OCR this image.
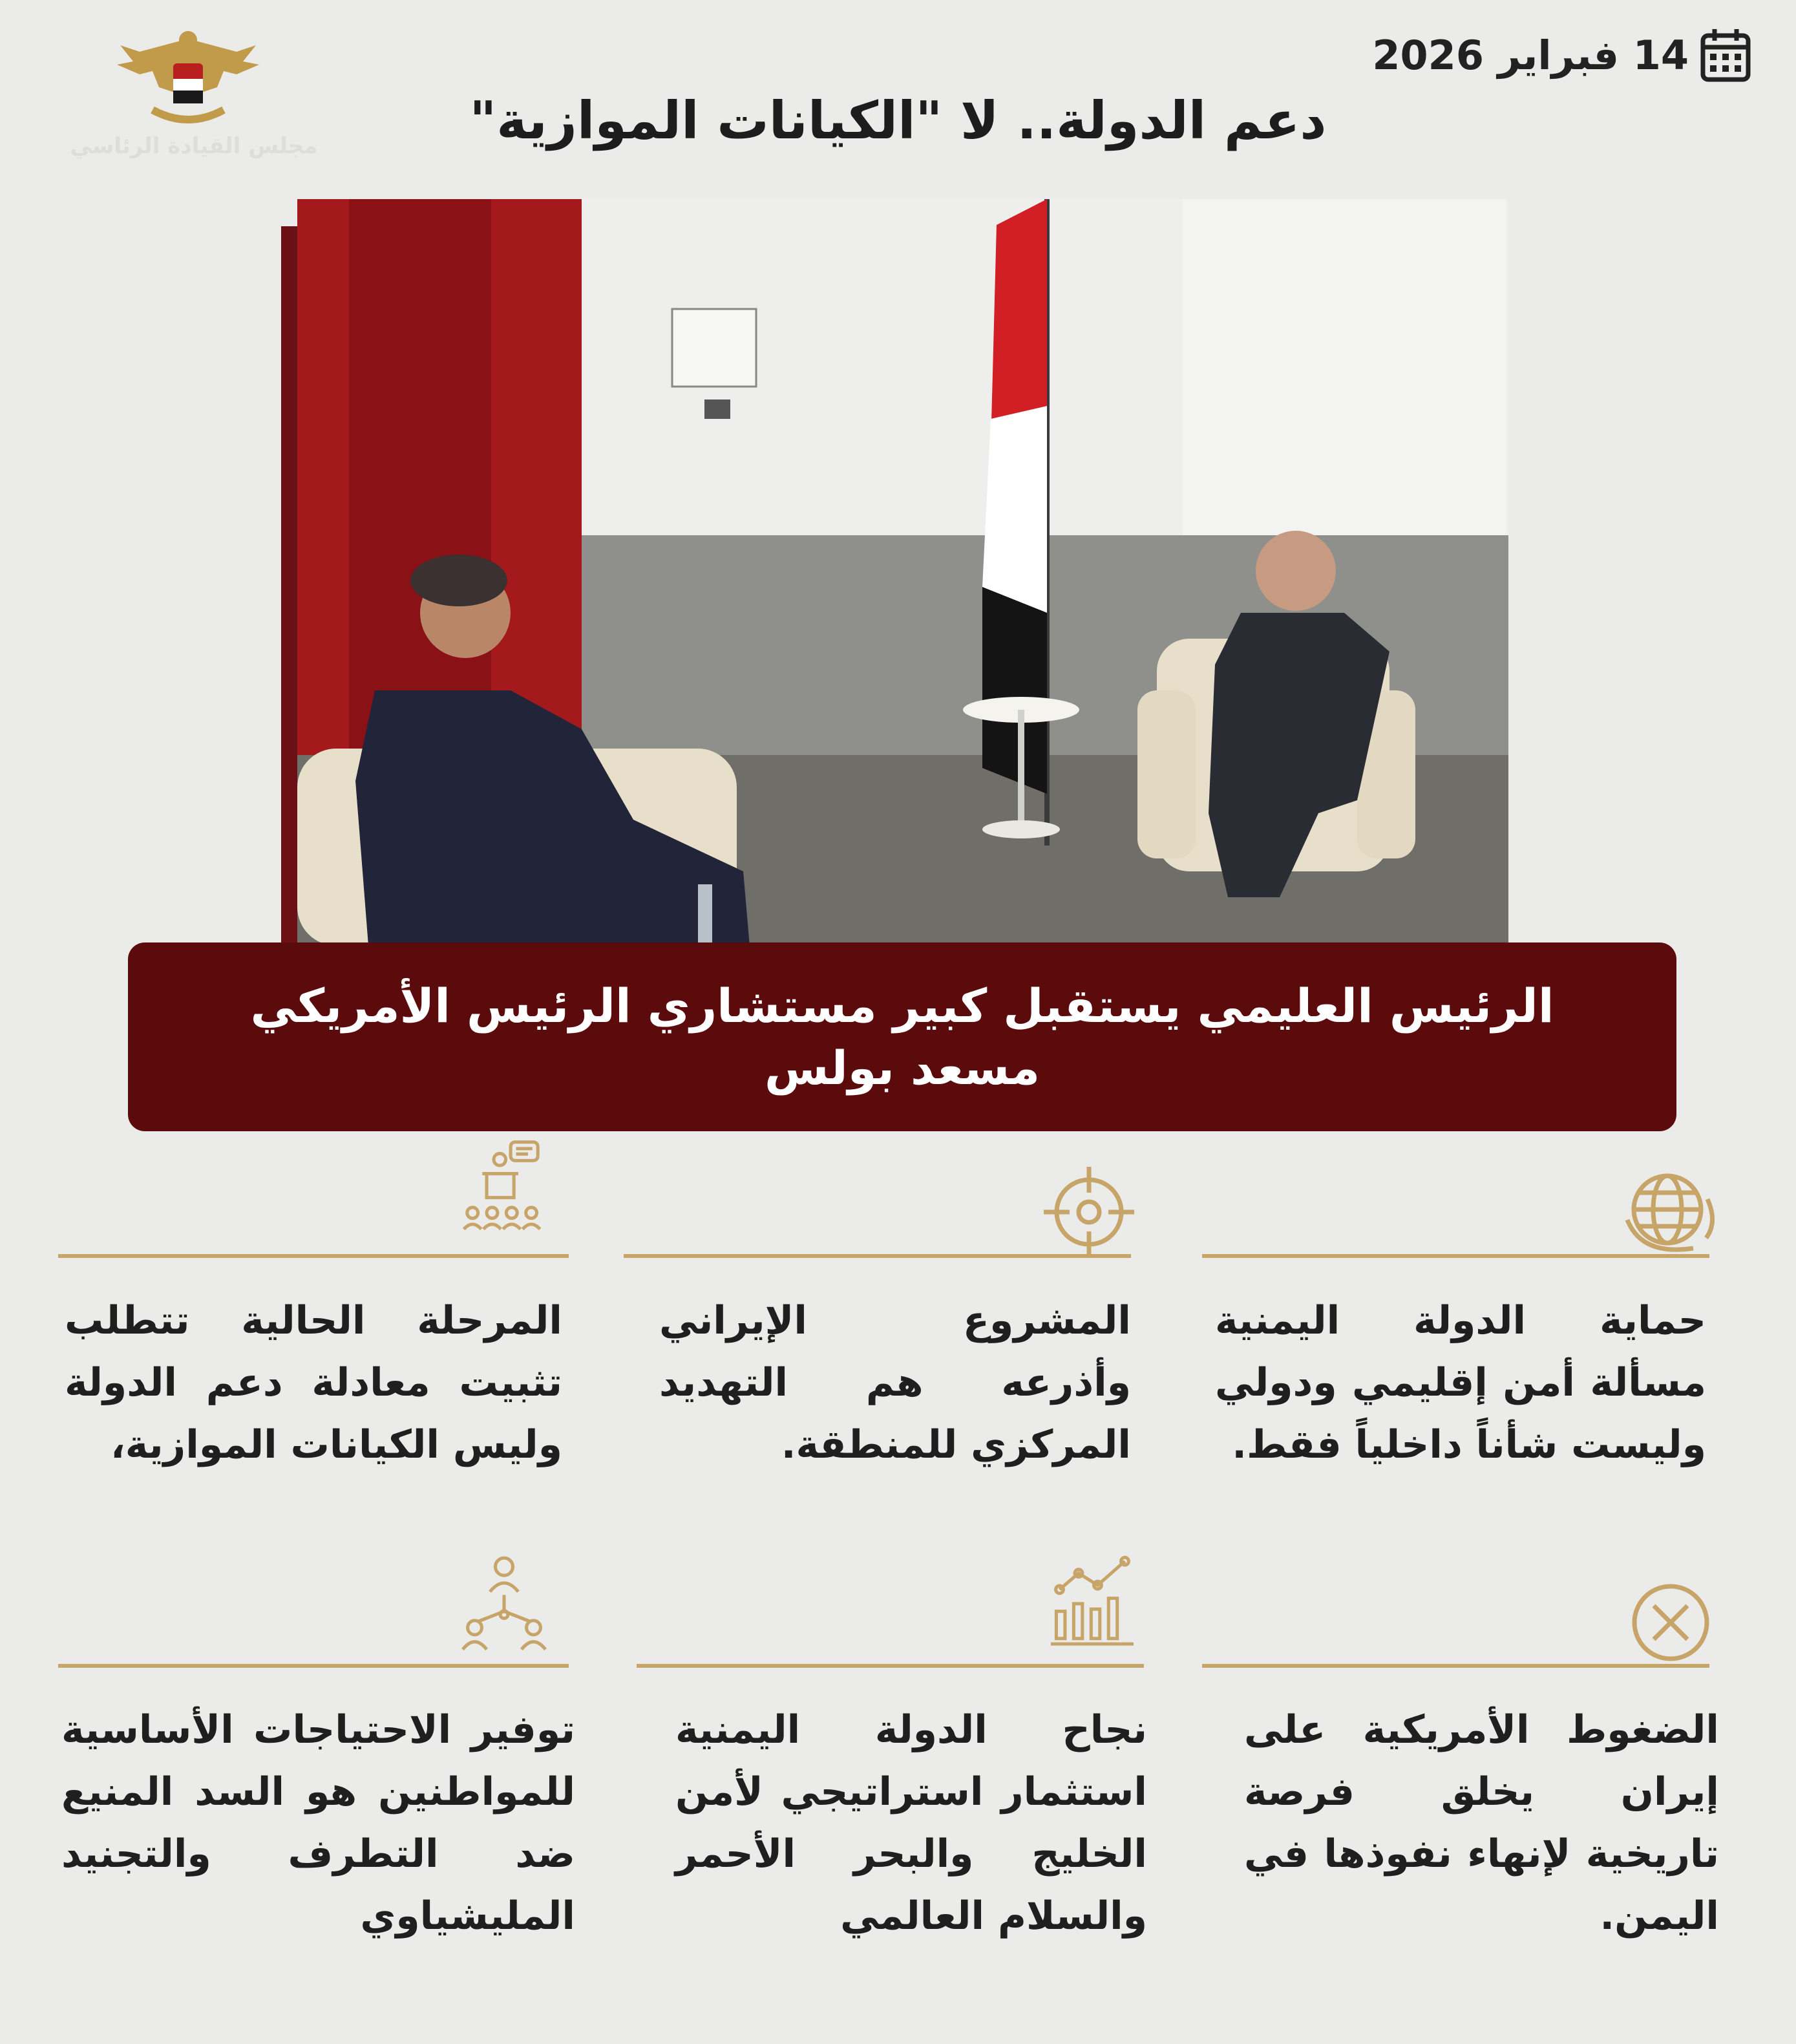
مجلس القيادة الرئاسي
14 فبراير 2026
دعم الدولة.. لا "الكيانات الموازية"
الرئيس العليمي يستقبل كبير مستشاري الرئيس الأمريكي
مسعد بولس
حماية الدولة اليمنية مسألة أمن إقليمي ودولي وليست شأناً داخلياً فقط.
المشروع الإيراني وأذرعه هم التهديد المركزي للمنطقة.
المرحلة الحالية تتطلب تثبيت معادلة دعم الدولة وليس الكيانات الموازية،
الضغوط الأمريكية على إيران يخلق فرصة تاريخية لإنهاء نفوذها في اليمن.
نجاح الدولة اليمنية استثمار استراتيجي لأمن الخليج والبحر الأحمر والسلام العالمي
توفير الاحتياجات الأساسية للمواطنين هو السد المنيع ضد التطرف والتجنيد المليشياوي
